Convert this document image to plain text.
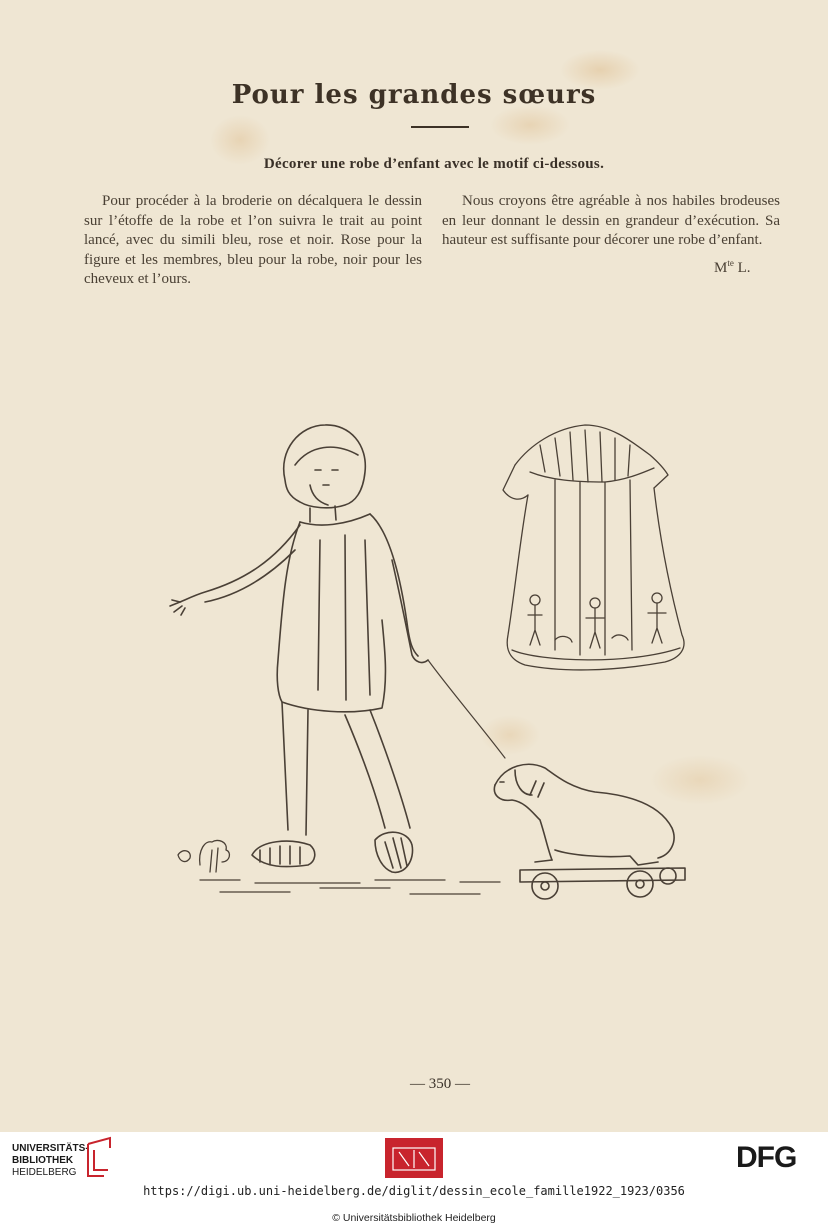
Pour les grandes sœurs
Décorer une robe d’enfant avec le motif ci-dessous.
Pour procéder à la broderie on décalquera le dessin sur l’étoffe de la robe et l’on suivra le trait au point lancé, avec du simili bleu, rose et noir. Rose pour la figure et les membres, bleu pour la robe, noir pour les cheveux et l’ours.
Nous croyons être agréable à nos habiles brodeuses en leur donnant le dessin en grandeur d’exécution. Sa hauteur est suffisante pour décorer une robe d’enfant.
$M^{te}$ L.
— 350 —
UNIVERSITÄTS-
BIBLIOTHEK
HEIDELBERG	DFG
https://digi.ub.uni-heidelberg.de/diglit/dessin_ecole_famille1922_1923/0356
© Universitätsbibliothek Heidelberg
